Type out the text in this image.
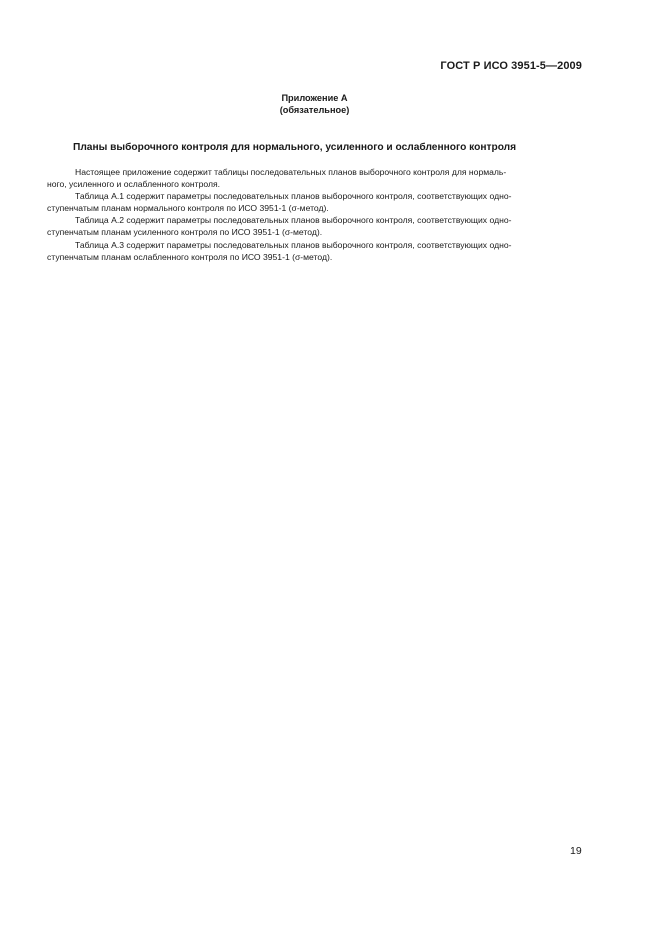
ГОСТ Р ИСО 3951-5—2009
Приложение А
(обязательное)
Планы выборочного контроля для нормального, усиленного и ослабленного контроля
Настоящее приложение содержит таблицы последовательных планов выборочного контроля для нормаль-
ного, усиленного и ослабленного контроля.
Таблица А.1 содержит параметры последовательных планов выборочного контроля, соответствующих одно-
ступенчатым планам нормального контроля по ИСО 3951-1 (σ-метод).
Таблица А.2 содержит параметры последовательных планов выборочного контроля, соответствующих одно-
ступенчатым планам усиленного контроля по ИСО 3951-1 (σ-метод).
Таблица А.3 содержит параметры последовательных планов выборочного контроля, соответствующих одно-
ступенчатым планам ослабленного контроля по ИСО 3951-1 (σ-метод).
19
